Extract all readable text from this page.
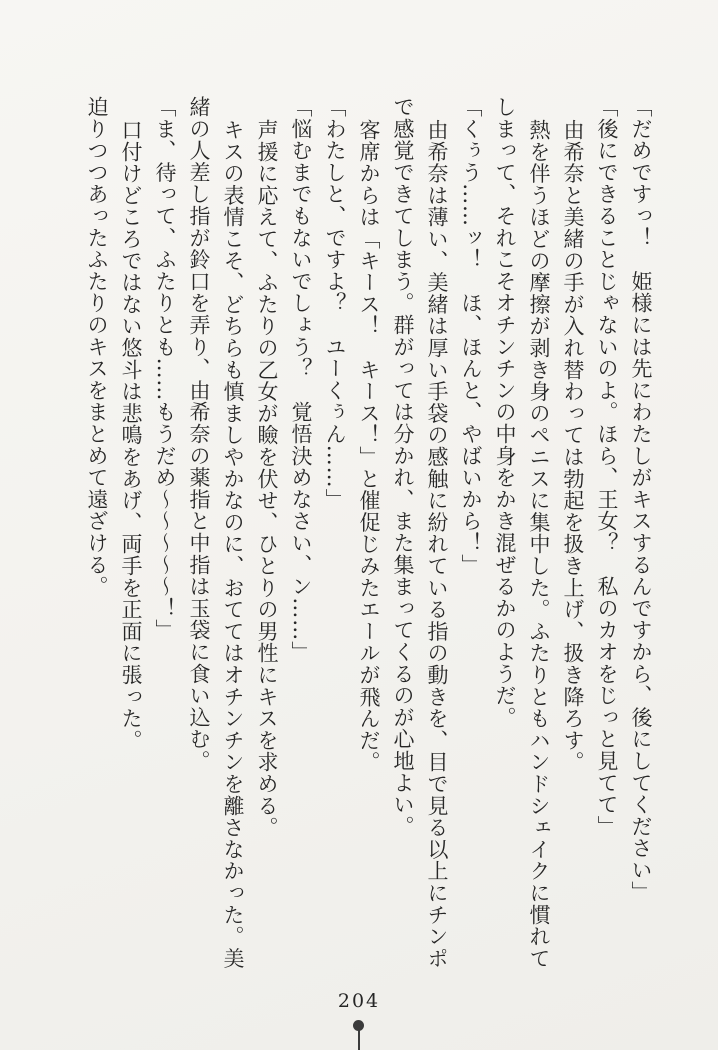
「だめですっ！　姫様には先にわたしがキスするんですから、後にしてください」

「後にできることじゃないのよ。ほら、王女？　私のカオをじっと見てて」

由希奈と美緒の手が入れ替わっては勃起を扱き上げ、扱き降ろす。

熱を伴うほどの摩擦が剥き身のペニスに集中した。ふたりともハンドシェイクに慣れて

しまって、それこそオチンチンの中身をかき混ぜるかのようだ。

「くぅう……ッ！　ほ、ほんと、やばいから！」

由希奈は薄い、美緒は厚い手袋の感触に紛れている指の動きを、目で見る以上にチンポ

で感覚できてしまう。群がっては分かれ、また集まってくるのが心地よい。

客席からは「キース！　キース！」と催促じみたエールが飛んだ。

「わたしと、ですよ？　ユーくぅん……」

「悩むまでもないでしょう？　覚悟決めなさい、ン……」

声援に応えて、ふたりの乙女が瞼を伏せ、ひとりの男性にキスを求める。

キスの表情こそ、どちらも慎ましやかなのに、おててはオチンチンを離さなかった。美

緒の人差し指が鈴口を弄り、由希奈の薬指と中指は玉袋に食い込む。

「ま、待って、ふたりとも……もうだめ～～～～～！」

口付けどころではない悠斗は悲鳴をあげ、両手を正面に張った。

迫りつつあったふたりのキスをまとめて遠ざける。

204
